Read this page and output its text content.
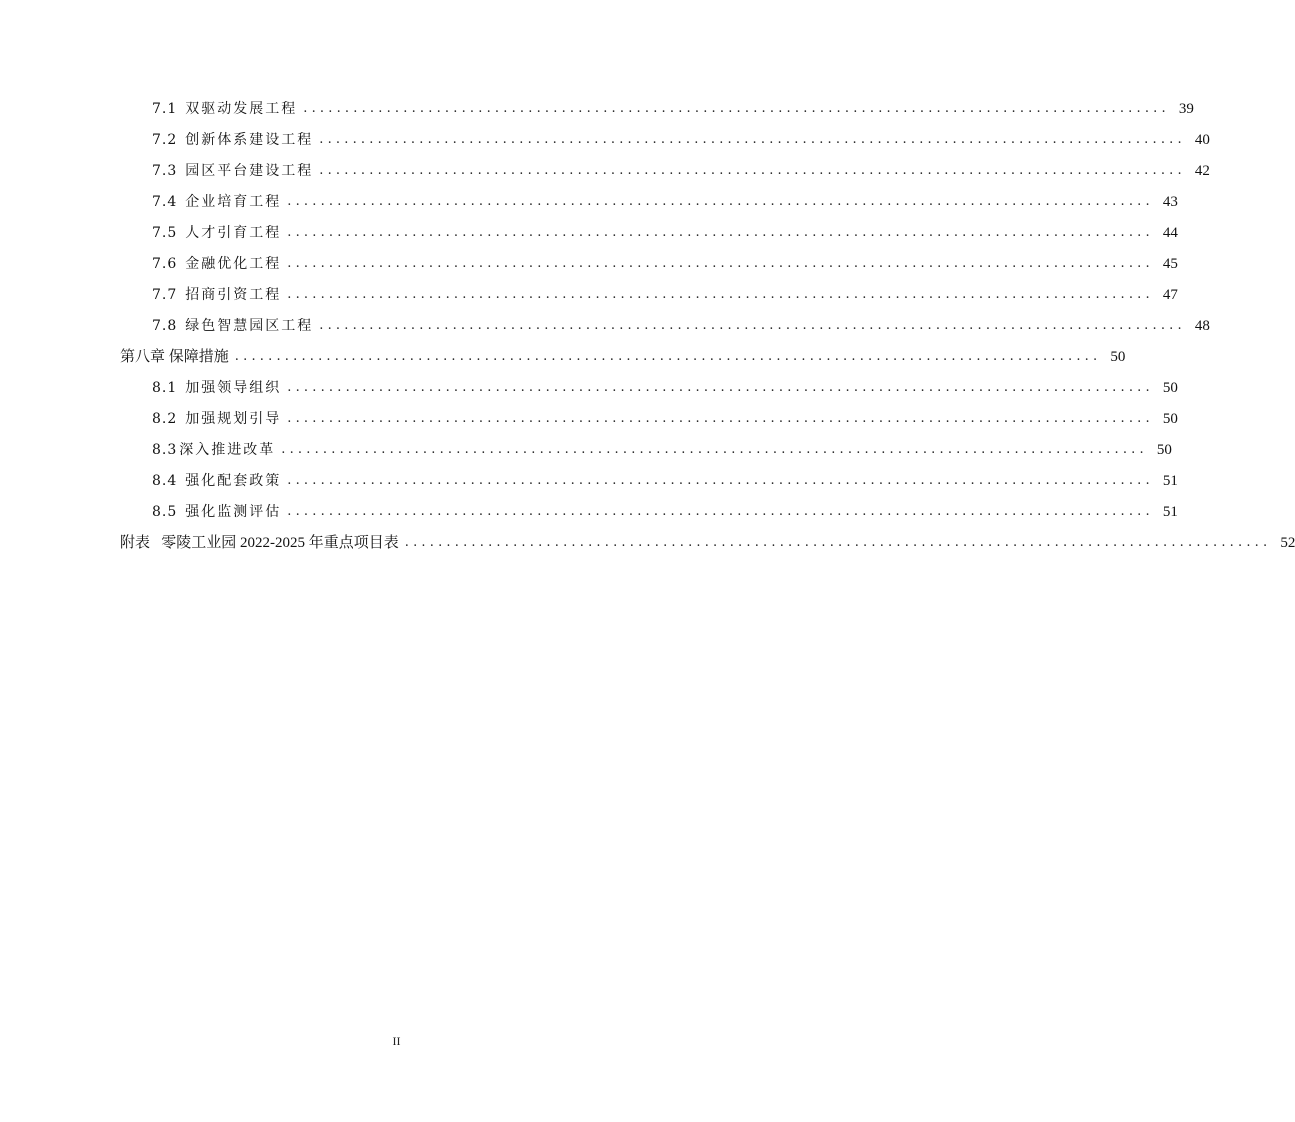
7.1 双驱动发展工程 ........................................................................................................ 39
7.2 创新体系建设工程 ........................................................................................................ 40
7.3 园区平台建设工程 ........................................................................................................ 42
7.4 企业培育工程 ........................................................................................................ 43
7.5 人才引育工程 ........................................................................................................ 44
7.6 金融优化工程 ........................................................................................................ 45
7.7 招商引资工程 ........................................................................................................ 47
7.8 绿色智慧园区工程 ........................................................................................................ 48
第八章 保障措施 ........................................................................................................ 50
8.1 加强领导组织 ........................................................................................................ 50
8.2 加强规划引导 ........................................................................................................ 50
8.3 深入推进改革 ........................................................................................................ 50
8.4 强化配套政策 ........................................................................................................ 51
8.5 强化监测评估 ........................................................................................................ 51
附表 零陵工业园 2022-2025 年重点项目表 ........................................................................................................ 52
II
